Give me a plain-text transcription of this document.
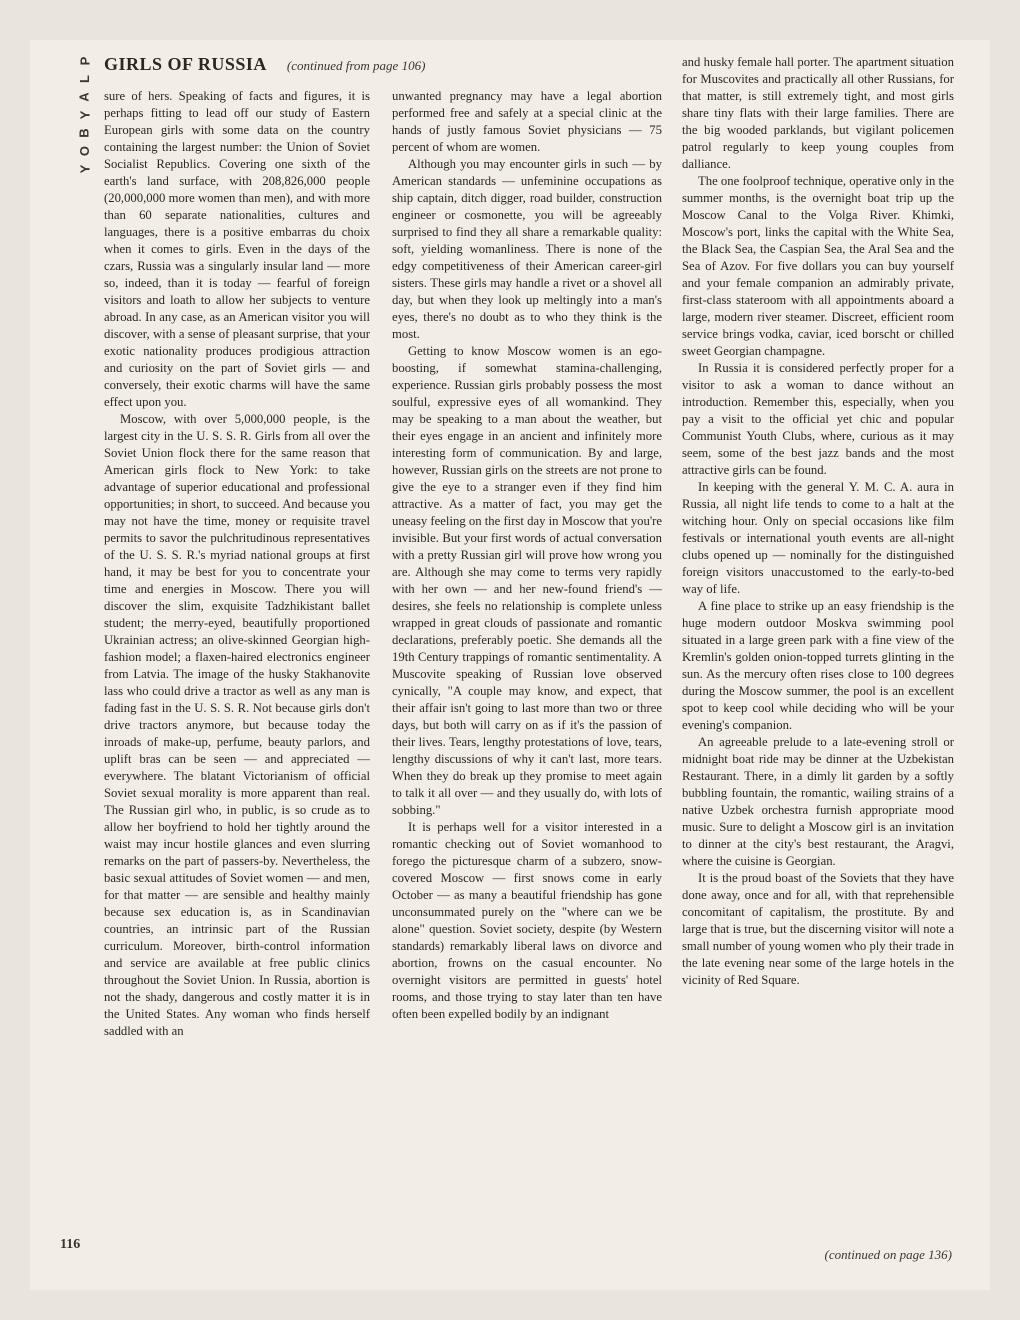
P
L
A
Y
B
O
Y
GIRLS OF RUSSIA (continued from page 106)

sure of hers. Speaking of facts and figures, it is perhaps fitting to lead off our study of Eastern European girls with some data on the country containing the largest number: the Union of Soviet Socialist Republics. Covering one sixth of the earth's land surface, with 208,826,000 people (20,000,000 more women than men), and with more than 60 separate nationalities, cultures and languages, there is a positive embarras du choix when it comes to girls. Even in the days of the czars, Russia was a singularly insular land — more so, indeed, than it is today — fearful of foreign visitors and loath to allow her subjects to venture abroad. In any case, as an American visitor you will discover, with a sense of pleasant surprise, that your exotic nationality produces prodigious attraction and curiosity on the part of Soviet girls — and conversely, their exotic charms will have the same effect upon you.

Moscow, with over 5,000,000 people, is the largest city in the U. S. S. R. Girls from all over the Soviet Union flock there for the same reason that American girls flock to New York: to take advantage of superior educational and professional opportunities; in short, to succeed. And because you may not have the time, money or requisite travel permits to savor the pulchritudinous representatives of the U. S. S. R.'s myriad national groups at first hand, it may be best for you to concentrate your time and energies in Moscow. There you will discover the slim, exquisite Tadzhikistant ballet student; the merry-eyed, beautifully proportioned Ukrainian actress; an olive-skinned Georgian high-fashion model; a flaxen-haired electronics engineer from Latvia. The image of the husky Stakhanovite lass who could drive a tractor as well as any man is fading fast in the U. S. S. R. Not because girls don't drive tractors anymore, but because today the inroads of make-up, perfume, beauty parlors, and uplift bras can be seen — and appreciated — everywhere. The blatant Victorianism of official Soviet sexual morality is more apparent than real. The Russian girl who, in public, is so crude as to allow her boyfriend to hold her tightly around the waist may incur hostile glances and even slurring remarks on the part of passers-by. Nevertheless, the basic sexual attitudes of Soviet women — and men, for that matter — are sensible and healthy mainly because sex education is, as in Scandinavian countries, an intrinsic part of the Russian curriculum. Moreover, birth-control information and service are available at free public clinics throughout the Soviet Union. In Russia, abortion is not the shady, dangerous and costly matter it is in the United States. Any woman who finds herself saddled with an

unwanted pregnancy may have a legal abortion performed free and safely at a special clinic at the hands of justly famous Soviet physicians — 75 percent of whom are women.

Although you may encounter girls in such — by American standards — unfeminine occupations as ship captain, ditch digger, road builder, construction engineer or cosmonette, you will be agreeably surprised to find they all share a remarkable quality: soft, yielding womanliness. There is none of the edgy competitiveness of their American career-girl sisters. These girls may handle a rivet or a shovel all day, but when they look up meltingly into a man's eyes, there's no doubt as to who they think is the most.

Getting to know Moscow women is an ego-boosting, if somewhat stamina-challenging, experience. Russian girls probably possess the most soulful, expressive eyes of all womankind. They may be speaking to a man about the weather, but their eyes engage in an ancient and infinitely more interesting form of communication. By and large, however, Russian girls on the streets are not prone to give the eye to a stranger even if they find him attractive. As a matter of fact, you may get the uneasy feeling on the first day in Moscow that you're invisible. But your first words of actual conversation with a pretty Russian girl will prove how wrong you are. Although she may come to terms very rapidly with her own — and her new-found friend's — desires, she feels no relationship is complete unless wrapped in great clouds of passionate and romantic declarations, preferably poetic. She demands all the 19th Century trappings of romantic sentimentality. A Muscovite speaking of Russian love observed cynically, "A couple may know, and expect, that their affair isn't going to last more than two or three days, but both will carry on as if it's the passion of their lives. Tears, lengthy protestations of love, tears, lengthy discussions of why it can't last, more tears. When they do break up they promise to meet again to talk it all over — and they usually do, with lots of sobbing."

It is perhaps well for a visitor interested in a romantic checking out of Soviet womanhood to forego the picturesque charm of a subzero, snow-covered Moscow — first snows come in early October — as many a beautiful friendship has gone unconsummated purely on the "where can we be alone" question. Soviet society, despite (by Western standards) remarkably liberal laws on divorce and abortion, frowns on the casual encounter. No overnight visitors are permitted in guests' hotel rooms, and those trying to stay later than ten have often been expelled bodily by an indignant

and husky female hall porter. The apartment situation for Muscovites and practically all other Russians, for that matter, is still extremely tight, and most girls share tiny flats with their large families. There are the big wooded parklands, but vigilant policemen patrol regularly to keep young couples from dalliance.

The one foolproof technique, operative only in the summer months, is the overnight boat trip up the Moscow Canal to the Volga River. Khimki, Moscow's port, links the capital with the White Sea, the Black Sea, the Caspian Sea, the Aral Sea and the Sea of Azov. For five dollars you can buy yourself and your female companion an admirably private, first-class stateroom with all appointments aboard a large, modern river steamer. Discreet, efficient room service brings vodka, caviar, iced borscht or chilled sweet Georgian champagne.

In Russia it is considered perfectly proper for a visitor to ask a woman to dance without an introduction. Remember this, especially, when you pay a visit to the official yet chic and popular Communist Youth Clubs, where, curious as it may seem, some of the best jazz bands and the most attractive girls can be found.

In keeping with the general Y. M. C. A. aura in Russia, all night life tends to come to a halt at the witching hour. Only on special occasions like film festivals or international youth events are all-night clubs opened up — nominally for the distinguished foreign visitors unaccustomed to the early-to-bed way of life.

A fine place to strike up an easy friendship is the huge modern outdoor Moskva swimming pool situated in a large green park with a fine view of the Kremlin's golden onion-topped turrets glinting in the sun. As the mercury often rises close to 100 degrees during the Moscow summer, the pool is an excellent spot to keep cool while deciding who will be your evening's companion.

An agreeable prelude to a late-evening stroll or midnight boat ride may be dinner at the Uzbekistan Restaurant. There, in a dimly lit garden by a softly bubbling fountain, the romantic, wailing strains of a native Uzbek orchestra furnish appropriate mood music. Sure to delight a Moscow girl is an invitation to dinner at the city's best restaurant, the Aragvi, where the cuisine is Georgian.

It is the proud boast of the Soviets that they have done away, once and for all, with that reprehensible concomitant of capitalism, the prostitute. By and large that is true, but the discerning visitor will note a small number of young women who ply their trade in the late evening near some of the large hotels in the vicinity of Red Square.

(continued on page 136)
116
